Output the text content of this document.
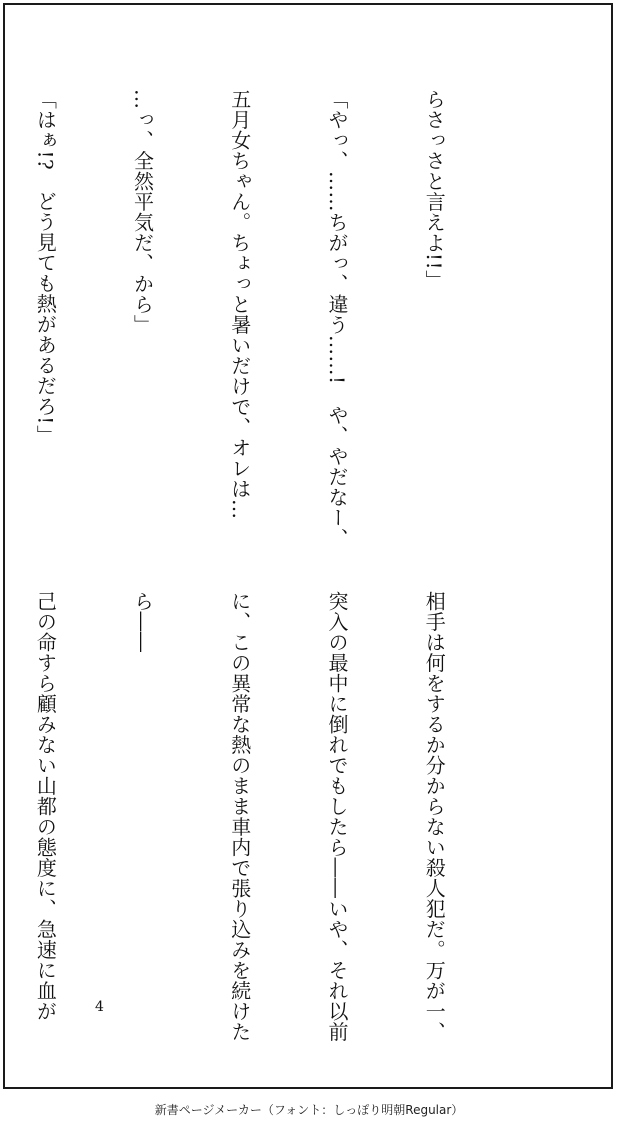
らさっさと言えよ!!」

「やっ、……ちがっ、違う……!　や、やだなー、

五月女ちゃん。ちょっと暑いだけで、オレは…

…っ、全然平気だ、から」

「はぁ!?　どう見ても熱があるだろ!」

相手は何をするか分からない殺人犯だ。万が一、

突入の最中に倒れでもしたら――いや、それ以前

に、この異常な熱のまま車内で張り込みを続けた

ら――

己の命すら顧みない山都の態度に、急速に血が

	4
新書ページメーカー（フォント：しっぽり明朝Regular）
